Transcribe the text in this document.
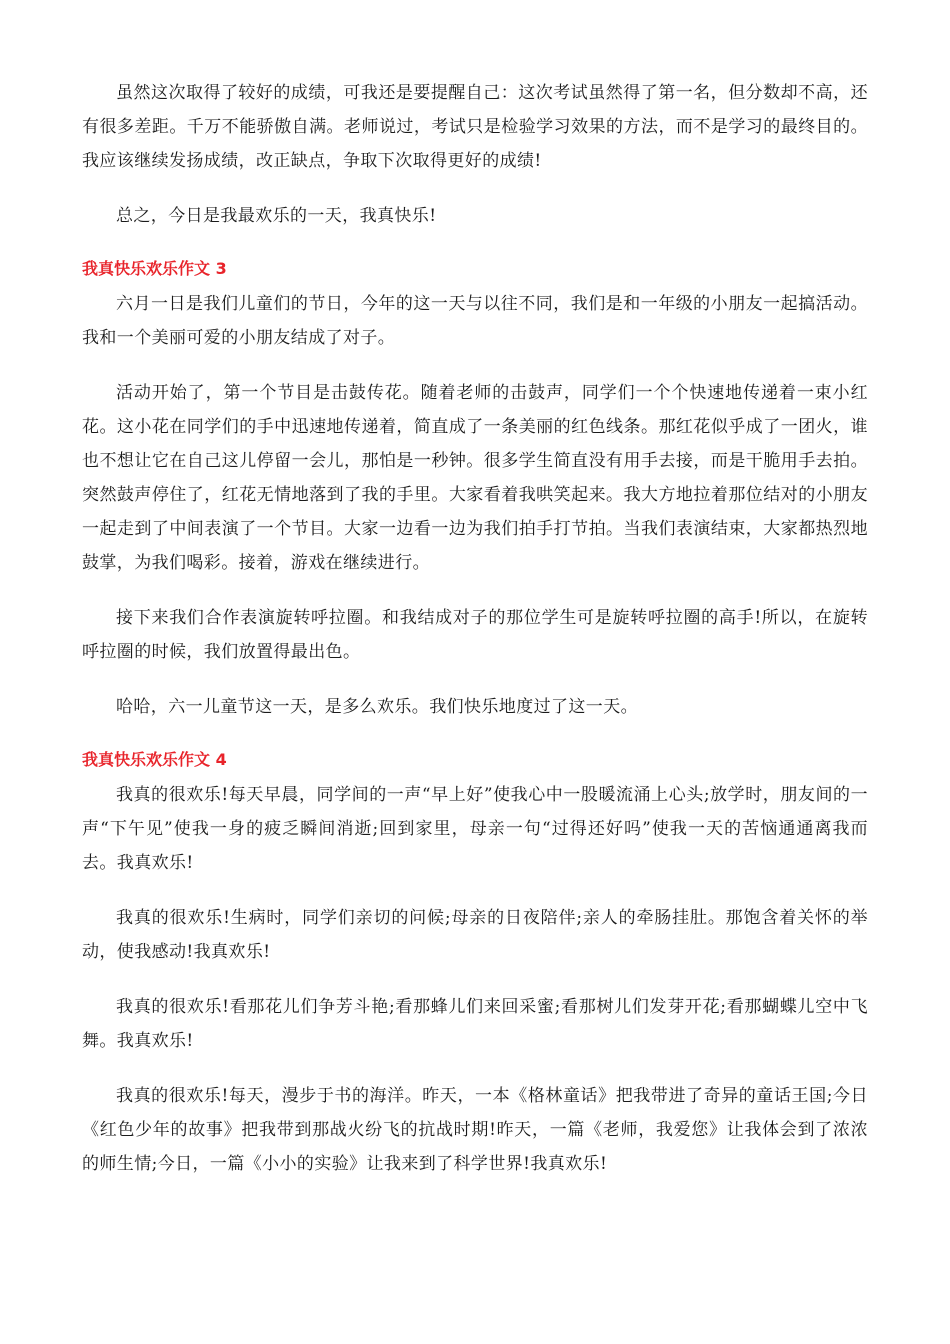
虽然这次取得了较好的成绩，可我还是要提醒自己：这次考试虽然得了第一名，但分数却不高，还有很多差距。千万不能骄傲自满。老师说过，考试只是检验学习效果的方法，而不是学习的最终目的。我应该继续发扬成绩，改正缺点，争取下次取得更好的成绩!

总之，今日是我最欢乐的一天，我真快乐!

我真快乐欢乐作文 3

六月一日是我们儿童们的节日，今年的这一天与以往不同，我们是和一年级的小朋友一起搞活动。我和一个美丽可爱的小朋友结成了对子。

活动开始了，第一个节目是击鼓传花。随着老师的击鼓声，同学们一个个快速地传递着一束小红花。这小花在同学们的手中迅速地传递着，简直成了一条美丽的红色线条。那红花似乎成了一团火，谁也不想让它在自己这儿停留一会儿，那怕是一秒钟。很多学生简直没有用手去接，而是干脆用手去拍。突然鼓声停住了，红花无情地落到了我的手里。大家看着我哄笑起来。我大方地拉着那位结对的小朋友一起走到了中间表演了一个节目。大家一边看一边为我们拍手打节拍。当我们表演结束，大家都热烈地鼓掌，为我们喝彩。接着，游戏在继续进行。

接下来我们合作表演旋转呼拉圈。和我结成对子的那位学生可是旋转呼拉圈的高手!所以，在旋转呼拉圈的时候，我们放置得最出色。

哈哈，六一儿童节这一天，是多么欢乐。我们快乐地度过了这一天。

我真快乐欢乐作文 4

我真的很欢乐!每天早晨，同学间的一声“早上好”使我心中一股暖流涌上心头;放学时，朋友间的一声“下午见”使我一身的疲乏瞬间消逝;回到家里，母亲一句“过得还好吗”使我一天的苦恼通通离我而去。我真欢乐!

我真的很欢乐!生病时，同学们亲切的问候;母亲的日夜陪伴;亲人的牵肠挂肚。那饱含着关怀的举动，使我感动!我真欢乐!

我真的很欢乐!看那花儿们争芳斗艳;看那蜂儿们来回采蜜;看那树儿们发芽开花;看那蝴蝶儿空中飞舞。我真欢乐!

我真的很欢乐!每天，漫步于书的海洋。昨天，一本《格林童话》把我带进了奇异的童话王国;今日《红色少年的故事》把我带到那战火纷飞的抗战时期!昨天，一篇《老师，我爱您》让我体会到了浓浓的师生情;今日，一篇《小小的实验》让我来到了科学世界!我真欢乐!
